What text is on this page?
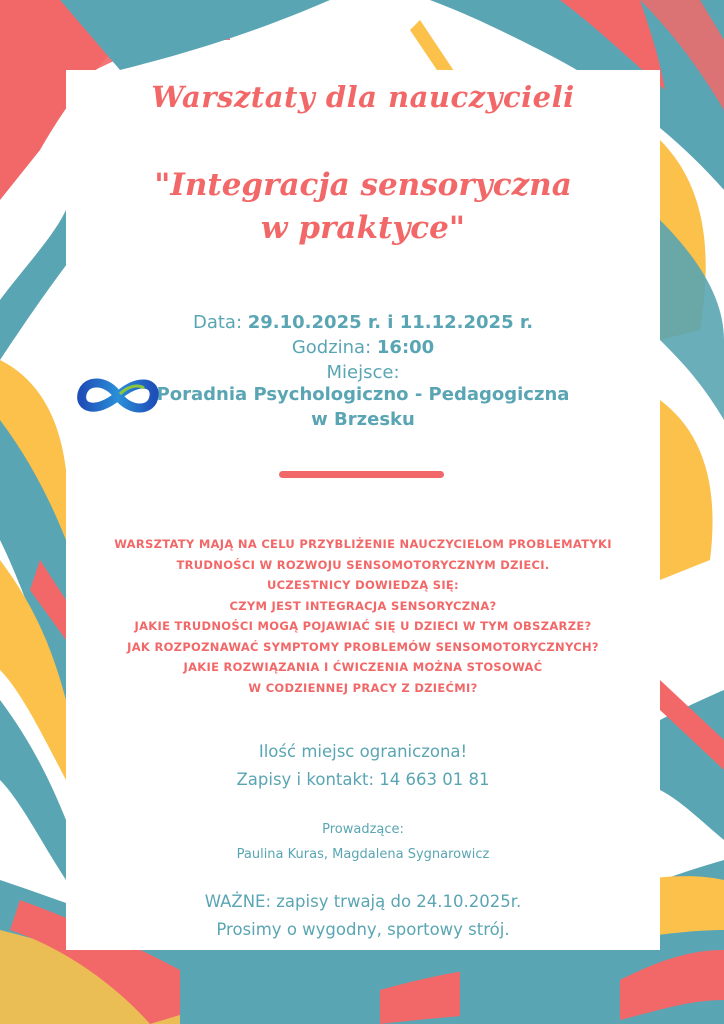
Warsztaty dla nauczycieli
"Integracja sensoryczna
w praktyce"
Data: 29.10.2025 r. i 11.12.2025 r.
Godzina: 16:00
Miejsce:
Poradnia Psychologiczno - Pedagogiczna
w Brzesku
WARSZTATY MAJĄ NA CELU PRZYBLIŻENIE NAUCZYCIELOM PROBLEMATYKI
TRUDNOŚCI W ROZWOJU SENSOMOTORYCZNYM DZIECI.
UCZESTNICY DOWIEDZĄ SIĘ:
CZYM JEST INTEGRACJA SENSORYCZNA?
JAKIE TRUDNOŚCI MOGĄ POJAWIAĆ SIĘ U DZIECI W TYM OBSZARZE?
JAK ROZPOZNAWAĆ SYMPTOMY PROBLEMÓW SENSOMOTORYCZNYCH?
JAKIE ROZWIĄZANIA I ĆWICZENIA MOŻNA STOSOWAĆ
W CODZIENNEJ PRACY Z DZIEĆMI?
Ilość miejsc ograniczona!
Zapisy i kontakt: 14 663 01 81
Prowadzące:
Paulina Kuras, Magdalena Sygnarowicz
WAŻNE: zapisy trwają do 24.10.2025r.
Prosimy o wygodny, sportowy strój.
